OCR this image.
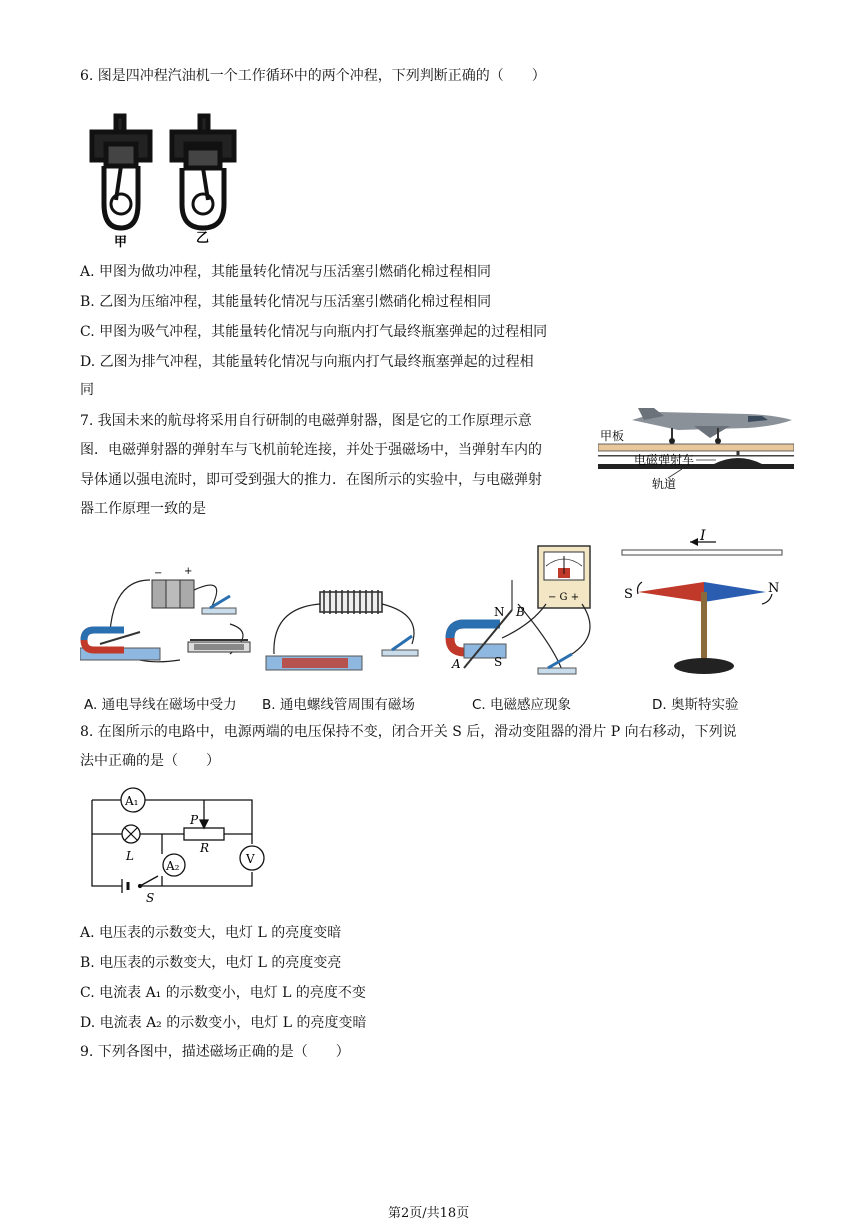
6. 图是四冲程汽油机一个工作循环中的两个冲程，下列判断正确的（　　）
甲	乙
A. 甲图为做功冲程，其能量转化情况与压活塞引燃硝化棉过程相同
B. 乙图为压缩冲程，其能量转化情况与压活塞引燃硝化棉过程相同
C. 甲图为吸气冲程，其能量转化情况与向瓶内打气最终瓶塞弹起的过程相同
D. 乙图为排气冲程，其能量转化情况与向瓶内打气最终瓶塞弹起的过程相
同
7. 我国未来的航母将采用自行研制的电磁弹射器，图是它的工作原理示意
图．电磁弹射器的弹射车与飞机前轮连接，并处于强磁场中，当弹射车内的
导体通以强电流时，即可受到强大的推力．在图所示的实验中，与电磁弹射
器工作原理一致的是
甲板
电磁弹射车
轨道
− +
− G +
N B
A	S
I
S	N
A. 通电导线在磁场中受力 B. 通电螺线管周围有磁场	C. 电磁感应现象	D. 奥斯特实验
8. 在图所示的电路中，电源两端的电压保持不变，闭合开关 S 后，滑动变阻器的滑片 P 向右移动，下列说
法中正确的是（　　）
A₁
L
A₂	V
P
R
S
A. 电压表的示数变大，电灯 L 的亮度变暗
B. 电压表的示数变大，电灯 L 的亮度变亮
C. 电流表 A₁ 的示数变小，电灯 L 的亮度不变
D. 电流表 A₂ 的示数变小，电灯 L 的亮度变暗
9. 下列各图中，描述磁场正确的是（　　）
第2页/共18页
